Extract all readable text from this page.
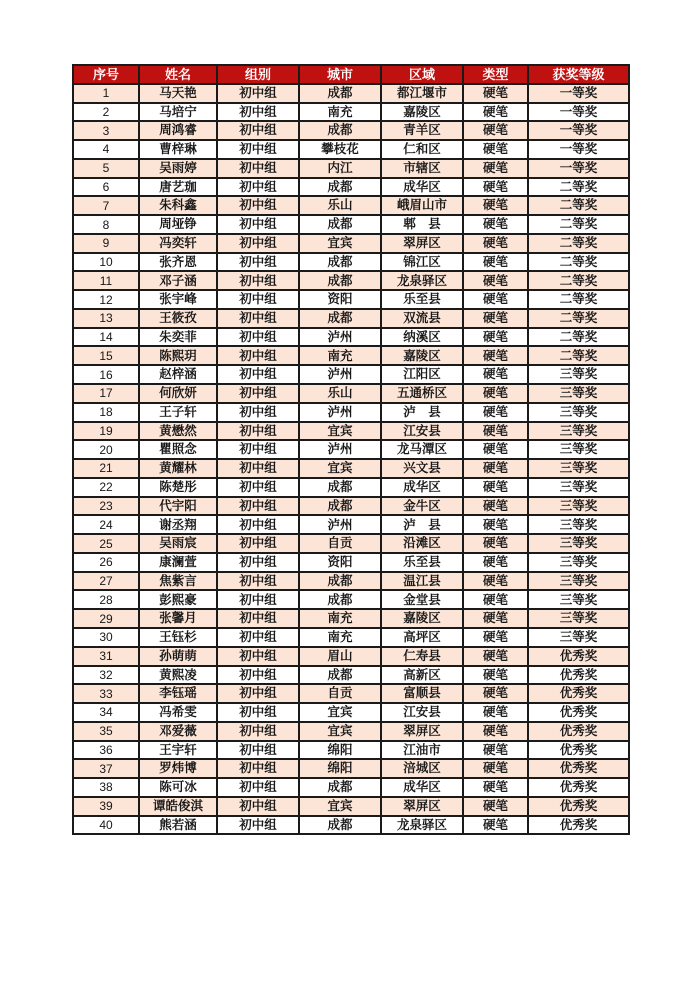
序号	姓名	组别	城市	区域	类型	获奖等级
1	马天艳	初中组	成都	都江堰市	硬笔	一等奖
2	马培宁	初中组	南充	嘉陵区	硬笔	一等奖
3	周鸿睿	初中组	成都	青羊区	硬笔	一等奖
4	曹梓琳	初中组	攀枝花	仁和区	硬笔	一等奖
5	吴雨婷	初中组	内江	市辖区	硬笔	一等奖
6	唐艺珈	初中组	成都	成华区	硬笔	二等奖
7	朱科鑫	初中组	乐山	峨眉山市	硬笔	二等奖
8	周垭铮	初中组	成都	郫　县	硬笔	二等奖
9	冯奕轩	初中组	宜宾	翠屏区	硬笔	二等奖
10	张齐恩	初中组	成都	锦江区	硬笔	二等奖
11	邓子涵	初中组	成都	龙泉驿区	硬笔	二等奖
12	张宇峰	初中组	资阳	乐至县	硬笔	二等奖
13	王筱孜	初中组	成都	双流县	硬笔	二等奖
14	朱奕菲	初中组	泸州	纳溪区	硬笔	二等奖
15	陈熙玥	初中组	南充	嘉陵区	硬笔	二等奖
16	赵梓涵	初中组	泸州	江阳区	硬笔	三等奖
17	何欣妍	初中组	乐山	五通桥区	硬笔	三等奖
18	王子轩	初中组	泸州	泸　县	硬笔	三等奖
19	黄懋然	初中组	宜宾	江安县	硬笔	三等奖
20	瞿照念	初中组	泸州	龙马潭区	硬笔	三等奖
21	黄耀林	初中组	宜宾	兴文县	硬笔	三等奖
22	陈楚彤	初中组	成都	成华区	硬笔	三等奖
23	代宇阳	初中组	成都	金牛区	硬笔	三等奖
24	谢丞翔	初中组	泸州	泸　县	硬笔	三等奖
25	吴雨宸	初中组	自贡	沿滩区	硬笔	三等奖
26	康澜萱	初中组	资阳	乐至县	硬笔	三等奖
27	焦紫言	初中组	成都	温江县	硬笔	三等奖
28	彭熙豪	初中组	成都	金堂县	硬笔	三等奖
29	张馨月	初中组	南充	嘉陵区	硬笔	三等奖
30	王钰杉	初中组	南充	高坪区	硬笔	三等奖
31	孙萌萌	初中组	眉山	仁寿县	硬笔	优秀奖
32	黄熙凌	初中组	成都	高新区	硬笔	优秀奖
33	李钰瑶	初中组	自贡	富顺县	硬笔	优秀奖
34	冯希雯	初中组	宜宾	江安县	硬笔	优秀奖
35	邓爱薇	初中组	宜宾	翠屏区	硬笔	优秀奖
36	王宇轩	初中组	绵阳	江油市	硬笔	优秀奖
37	罗炜博	初中组	绵阳	涪城区	硬笔	优秀奖
38	陈可冰	初中组	成都	成华区	硬笔	优秀奖
39	谭皓俊淇	初中组	宜宾	翠屏区	硬笔	优秀奖
40	熊若涵	初中组	成都	龙泉驿区	硬笔	优秀奖
